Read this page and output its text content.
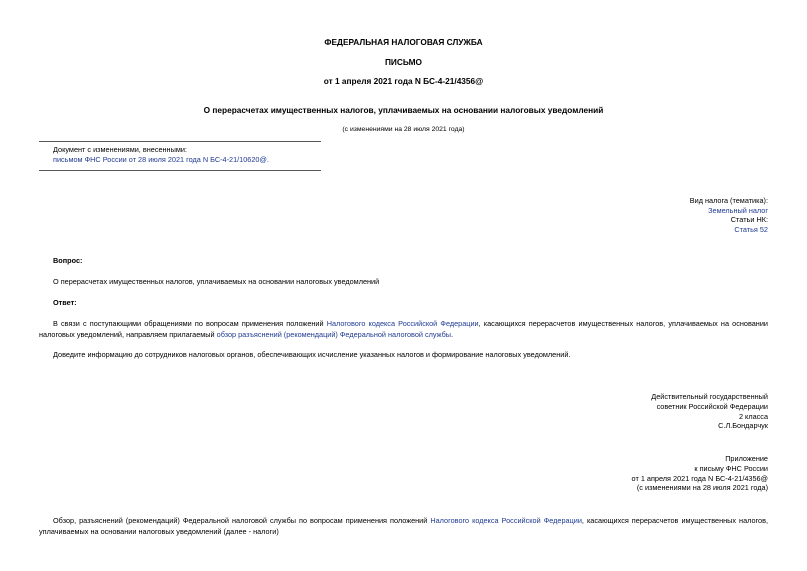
ФЕДЕРАЛЬНАЯ НАЛОГОВАЯ СЛУЖБА
ПИСЬМО
от 1 апреля 2021 года N БС-4-21/4356@
О перерасчетах имущественных налогов, уплачиваемых на основании налоговых уведомлений
(с изменениями на 28 июля 2021 года)
Документ с изменениями, внесенными:
письмом ФНС России от 28 июля 2021 года N БС-4-21/10620@.
Вид налога (тематика):
Земельный налог
Статьи НК:
Статья 52
Вопрос:
О перерасчетах имущественных налогов, уплачиваемых на основании налоговых уведомлений
Ответ:
В связи с поступающими обращениями по вопросам применения положений Налогового кодекса Российской Федерации, касающихся перерасчетов имущественных налогов, уплачиваемых на основании
налоговых уведомлений, направляем прилагаемый обзор разъяснений (рекомендаций) Федеральной налоговой службы.
Доведите информацию до сотрудников налоговых органов, обеспечивающих исчисление указанных налогов и формирование налоговых уведомлений.
Действительный государственный
советник Российской Федерации
2 класса
С.Л.Бондарчук
Приложение
к письму ФНС России
от 1 апреля 2021 года N БС-4-21/4356@
(с изменениями на 28 июля 2021 года)
Обзор, разъяснений (рекомендаций) Федеральной налоговой службы по вопросам применения положений Налогового кодекса Российской Федерации, касающихся перерасчетов имущественных налогов,
уплачиваемых на основании налоговых уведомлений (далее - налоги)
